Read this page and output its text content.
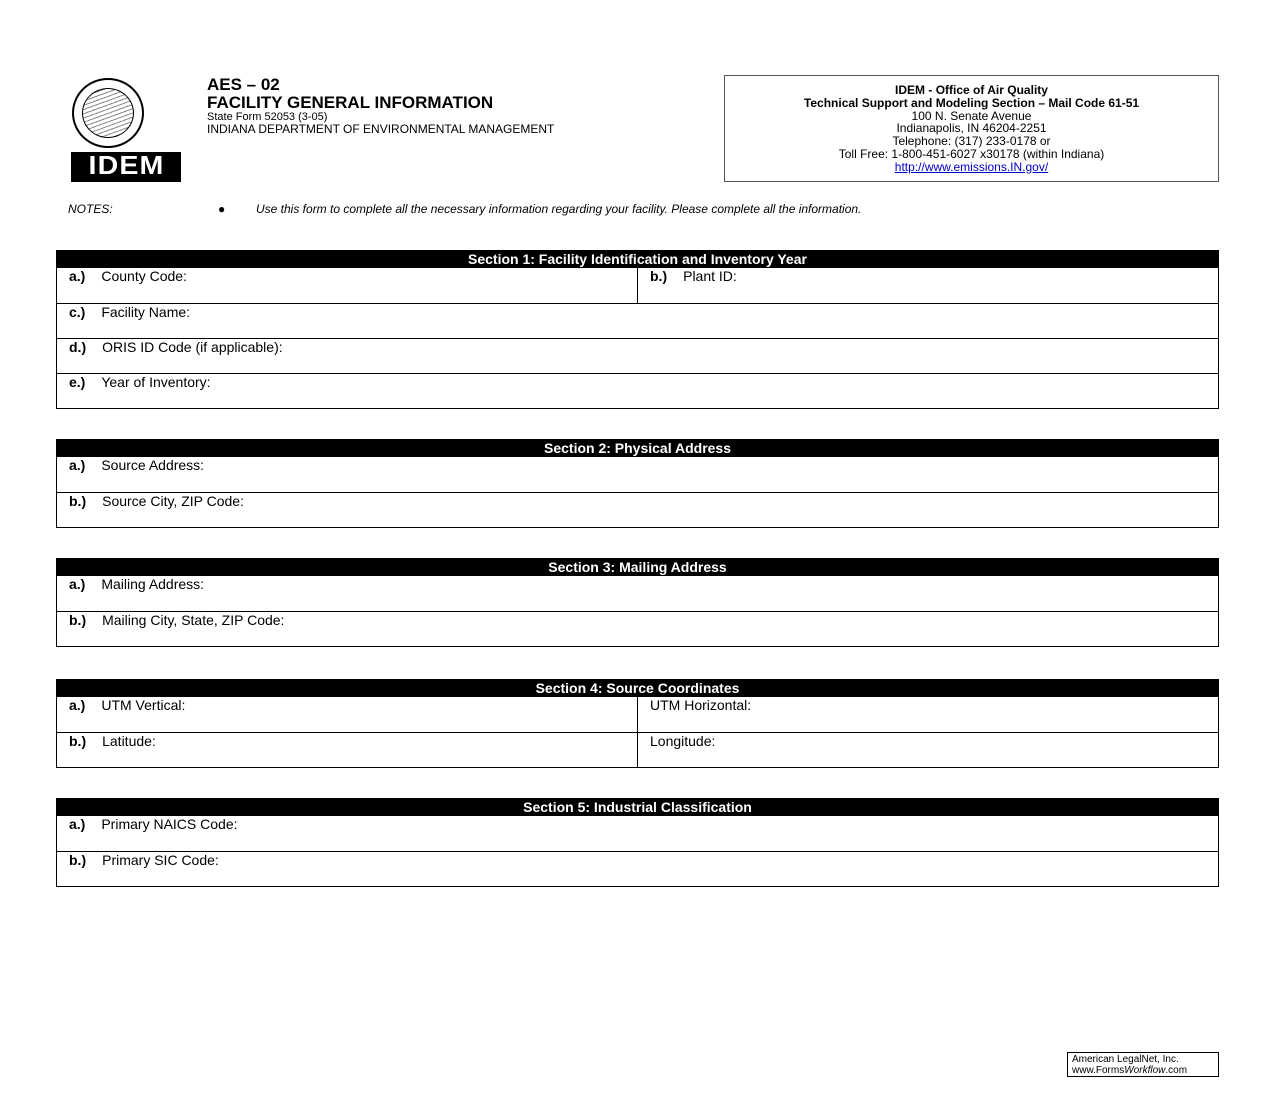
IDEM
AES – 02
FACILITY GENERAL INFORMATION
State Form 52053 (3-05)
INDIANA DEPARTMENT OF ENVIRONMENTAL MANAGEMENT
IDEM - Office of Air Quality
Technical Support and Modeling Section – Mail Code 61-51
100 N. Senate Avenue
Indianapolis, IN 46204-2251
Telephone: (317) 233-0178 or
Toll Free: 1-800-451-6027 x30178 (within Indiana)
http://www.emissions.IN.gov/
NOTES:	●	Use this form to complete all the necessary information regarding your facility. Please complete all the information.
Section 1: Facility Identification and Inventory Year
a.) County Code:	b.) Plant ID:
c.) Facility Name:
d.) ORIS ID Code (if applicable):
e.) Year of Inventory:
Section 2: Physical Address
a.) Source Address:
b.) Source City, ZIP Code:
Section 3: Mailing Address
a.) Mailing Address:
b.) Mailing City, State, ZIP Code:
Section 4: Source Coordinates
a.) UTM Vertical:	UTM Horizontal:
b.) Latitude:	Longitude:
Section 5: Industrial Classification
a.) Primary NAICS Code:
b.) Primary SIC Code:
American LegalNet, Inc.
www.FormsWorkflow.com
